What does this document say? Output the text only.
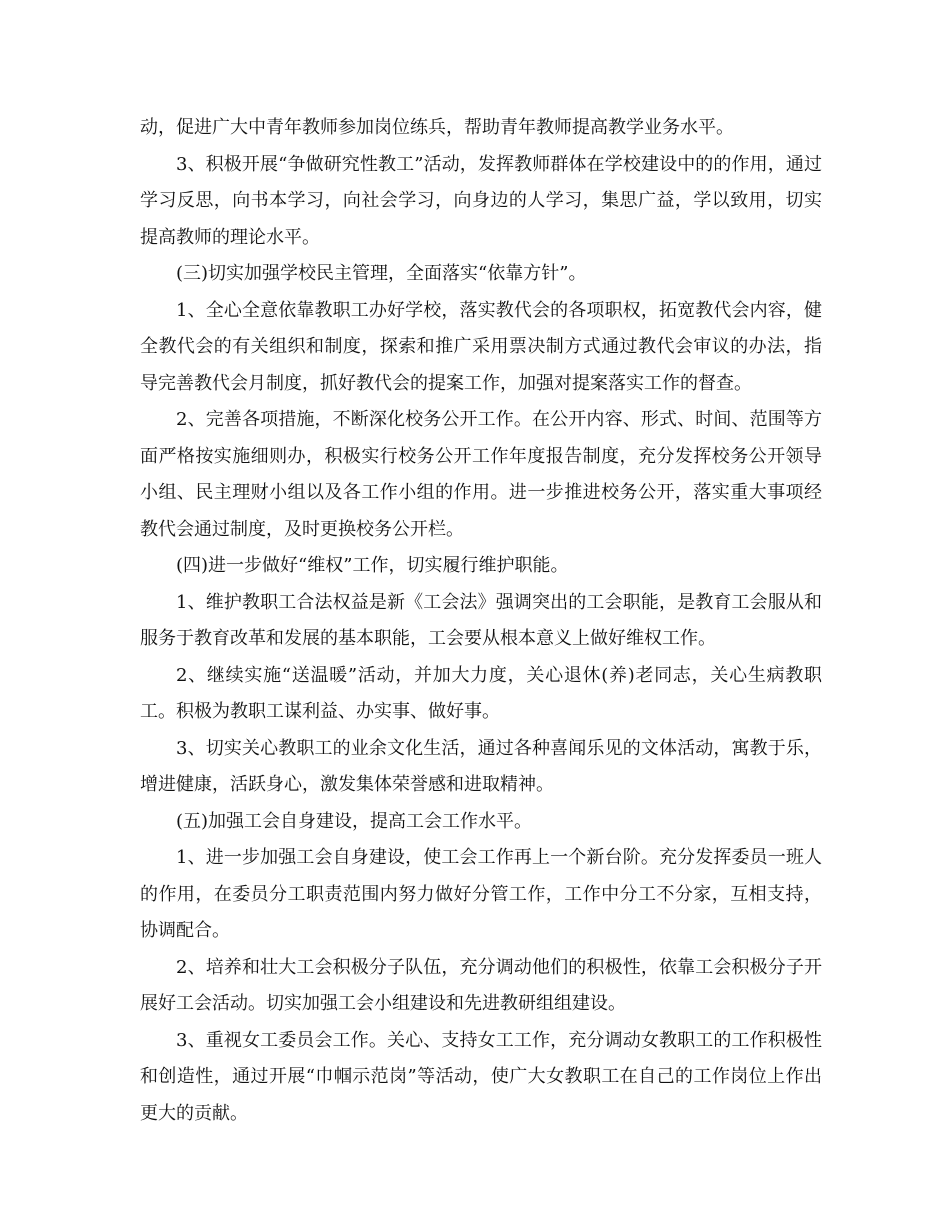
动，促进广大中青年教师参加岗位练兵，帮助青年教师提高教学业务水平。

3、积极开展“争做研究性教工”活动，发挥教师群体在学校建设中的的作用，通过学习反思，向书本学习，向社会学习，向身边的人学习，集思广益，学以致用，切实提高教师的理论水平。

(三)切实加强学校民主管理，全面落实“依靠方针”。

1、全心全意依靠教职工办好学校，落实教代会的各项职权，拓宽教代会内容，健全教代会的有关组织和制度，探索和推广采用票决制方式通过教代会审议的办法，指导完善教代会月制度，抓好教代会的提案工作，加强对提案落实工作的督查。

2、完善各项措施，不断深化校务公开工作。在公开内容、形式、时间、范围等方面严格按实施细则办，积极实行校务公开工作年度报告制度，充分发挥校务公开领导小组、民主理财小组以及各工作小组的作用。进一步推进校务公开，落实重大事项经教代会通过制度，及时更换校务公开栏。

(四)进一步做好“维权”工作，切实履行维护职能。

1、维护教职工合法权益是新《工会法》强调突出的工会职能，是教育工会服从和服务于教育改革和发展的基本职能，工会要从根本意义上做好维权工作。

2、继续实施“送温暖”活动，并加大力度，关心退休(养)老同志，关心生病教职工。积极为教职工谋利益、办实事、做好事。

3、切实关心教职工的业余文化生活，通过各种喜闻乐见的文体活动，寓教于乐，增进健康，活跃身心，激发集体荣誉感和进取精神。

(五)加强工会自身建设，提高工会工作水平。

1、进一步加强工会自身建设，使工会工作再上一个新台阶。充分发挥委员一班人的作用，在委员分工职责范围内努力做好分管工作，工作中分工不分家，互相支持，协调配合。

2、培养和壮大工会积极分子队伍，充分调动他们的积极性，依靠工会积极分子开展好工会活动。切实加强工会小组建设和先进教研组组建设。

3、重视女工委员会工作。关心、支持女工工作，充分调动女教职工的工作积极性和创造性，通过开展“巾帼示范岗”等活动，使广大女教职工在自己的工作岗位上作出更大的贡献。
